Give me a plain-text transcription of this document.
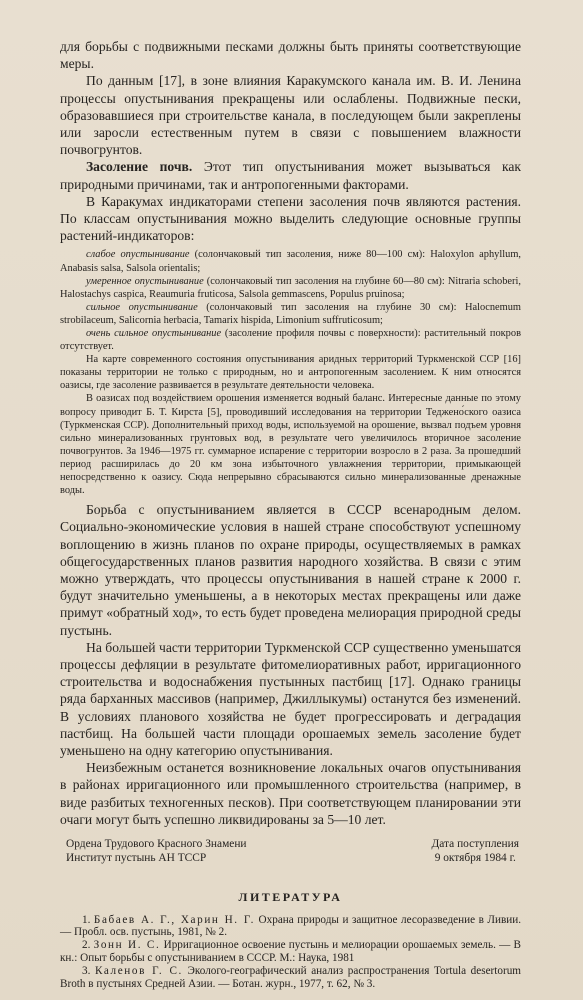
для борьбы с подвижными песками должны быть приняты соответствующие меры.

По данным [17], в зоне влияния Каракумского канала им. В. И. Ленина процессы опустынивания прекращены или ослаблены. Подвижные пески, образовавшиеся при строительстве канала, в последующем были закреплены или заросли естественным путем в связи с повышением влажности почвогрунтов.

Засоление почв. Этот тип опустынивания может вызываться как природными причинами, так и антропогенными факторами.

В Каракумах индикаторами степени засоления почв являются растения. По классам опустынивания можно выделить следующие основные группы растений-индикаторов:

слабое опустынивание (солончаковый тип засоления, ниже 80—100 см): Haloxylon aphyllum, Anabasis salsa, Salsola orientalis;

умеренное опустынивание (солончаковый тип засоления на глубине 60—80 см): Nitraria schoberi, Halostachys caspica, Reaumuria fruticosa, Salsola gemmascens, Populus pruinosa;

сильное опустынивание (солончаковый тип засоления на глубине 30 см): Halocnemum strobilaceum, Salicornia herbacia, Tamarix hispida, Limonium suffruticosum;

очень сильное опустынивание (засоление профиля почвы с поверхности): растительный покров отсутствует.

На карте современного состояния опустынивания аридных территорий Туркменской ССР [16] показаны территории не только с природным, но и антропогенным засолением. К ним относятся оазисы, где засоление развивается в результате деятельности человека.

В оазисах под воздействием орошения изменяется водный баланс. Интересные данные по этому вопросу приводит Б. Т. Кирста [5], проводивший исследования на территории Теджено́ского оазиса (Туркменская ССР). Дополнительный приход воды, используемой на орошение, вызвал подъем уровня сильно минерализованных грунтовых вод, в результате чего увеличилось вторичное засоление почвогрунтов. За 1946—1975 гг. суммарное испарение с территории возросло в 2 раза. За прошедший период расширилась до 20 км зона избыточного увлажнения территории, примыкающей непосредственно к оазису. Сюда непрерывно сбрасываются сильно минерализованные дренажные воды.

Борьба с опустыниванием является в СССР всенародным делом. Социально-экономические условия в нашей стране способствуют успешному воплощению в жизнь планов по охране природы, осуществляемых в рамках общегосударственных планов развития народного хозяйства. В связи с этим можно утверждать, что процессы опустынивания в нашей стране к 2000 г. будут значительно уменьшены, а в некоторых местах прекращены или даже примут «обратный ход», то есть будет проведена мелиорация природной среды пустынь.

На большей части территории Туркменской ССР существенно уменьшатся процессы дефляции в результате фитомелиоративных работ, ирригационного строительства и водоснабжения пустынных пастбищ [17]. Однако границы ряда барханных массивов (например, Джиллыкумы) останутся без изменений. В условиях планового хозяйства не будет прогрессировать и деградация пастбищ. На большей части площади орошаемых земель засоление будет уменьшено на одну категорию опустынивания.

Неизбежным останется возникновение локальных очагов опустынивания в районах ирригационного или промышленного строительства (например, в виде разбитых техногенных песков). При соответствующем планировании эти очаги могут быть успешно ликвидированы за 5—10 лет.

Ордена Трудового Красного Знамени
Институт пустынь АН ТССР
Дата поступления
9 октября 1984 г.
ЛИТЕРАТУРА

1. Бабаев А. Г., Харин Н. Г. Охрана природы и защитное лесоразведение в Ливии. — Пробл. осв. пустынь, 1981, № 2.

2. Зонн И. С. Ирригационное освоение пустынь и мелиорации орошаемых земель. — В кн.: Опыт борьбы с опустыниванием в СССР. М.: Наука, 1981

3. Каленов Г. С. Эколого-географический анализ распространения Tortula desertorum Broth в пустынях Средней Азии. — Ботан. журн., 1977, т. 62, № 3.
